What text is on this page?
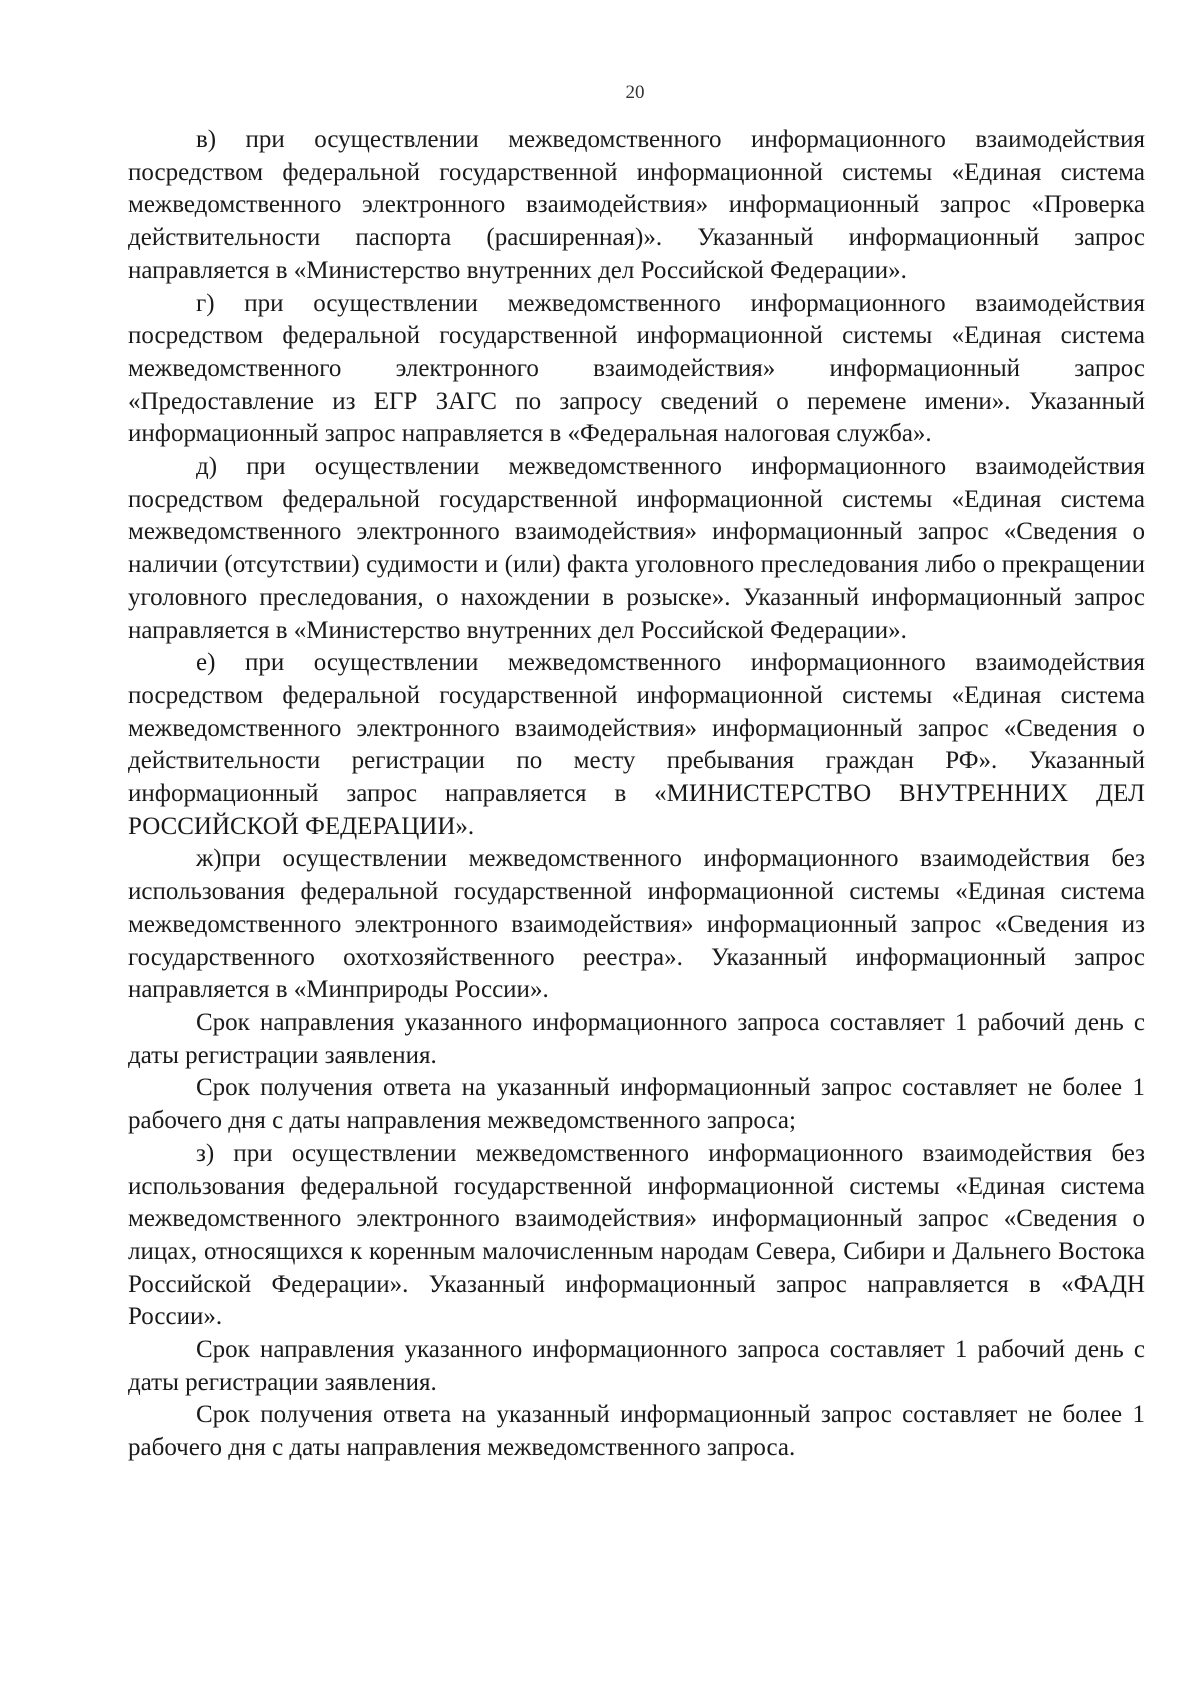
20

в) при осуществлении межведомственного информационного взаимодействия посредством федеральной государственной информационной системы «Единая система межведомственного электронного взаимодействия» информационный запрос «Проверка действительности паспорта (расширенная)». Указанный информационный запрос направляется в «Министерство внутренних дел Российской Федерации».

г) при осуществлении межведомственного информационного взаимодействия посредством федеральной государственной информационной системы «Единая система межведомственного электронного взаимодействия» информационный запрос «Предоставление из ЕГР ЗАГС по запросу сведений о перемене имени». Указанный информационный запрос направляется в «Федеральная налоговая служба».

д) при осуществлении межведомственного информационного взаимодействия посредством федеральной государственной информационной системы «Единая система межведомственного электронного взаимодействия» информационный запрос «Сведения о наличии (отсутствии) судимости и (или) факта уголовного преследования либо о прекращении уголовного преследования, о нахождении в розыске». Указанный информационный запрос направляется в «Министерство внутренних дел Российской Федерации».

е) при осуществлении межведомственного информационного взаимодействия посредством федеральной государственной информационной системы «Единая система межведомственного электронного взаимодействия» информационный запрос «Сведения о действительности регистрации по месту пребывания граждан РФ». Указанный информационный запрос направляется в «МИНИСТЕРСТВО ВНУТРЕННИХ ДЕЛ РОССИЙСКОЙ ФЕДЕРАЦИИ».

ж)при осуществлении межведомственного информационного взаимодействия без использования федеральной государственной информационной системы «Единая система межведомственного электронного взаимодействия» информационный запрос «Сведения из государственного охотхозяйственного реестра». Указанный информационный запрос направляется в «Минприроды России».

Срок направления указанного информационного запроса составляет 1 рабочий день с даты регистрации заявления.

Срок получения ответа на указанный информационный запрос составляет не более 1 рабочего дня с даты направления межведомственного запроса;

з) при осуществлении межведомственного информационного взаимодействия без использования федеральной государственной информационной системы «Единая система межведомственного электронного взаимодействия» информационный запрос «Сведения о лицах, относящихся к коренным малочисленным народам Севера, Сибири и Дальнего Востока Российской Федерации». Указанный информационный запрос направляется в «ФАДН России».

Срок направления указанного информационного запроса составляет 1 рабочий день с даты регистрации заявления.

Срок получения ответа на указанный информационный запрос составляет не более 1 рабочего дня с даты направления межведомственного запроса.
